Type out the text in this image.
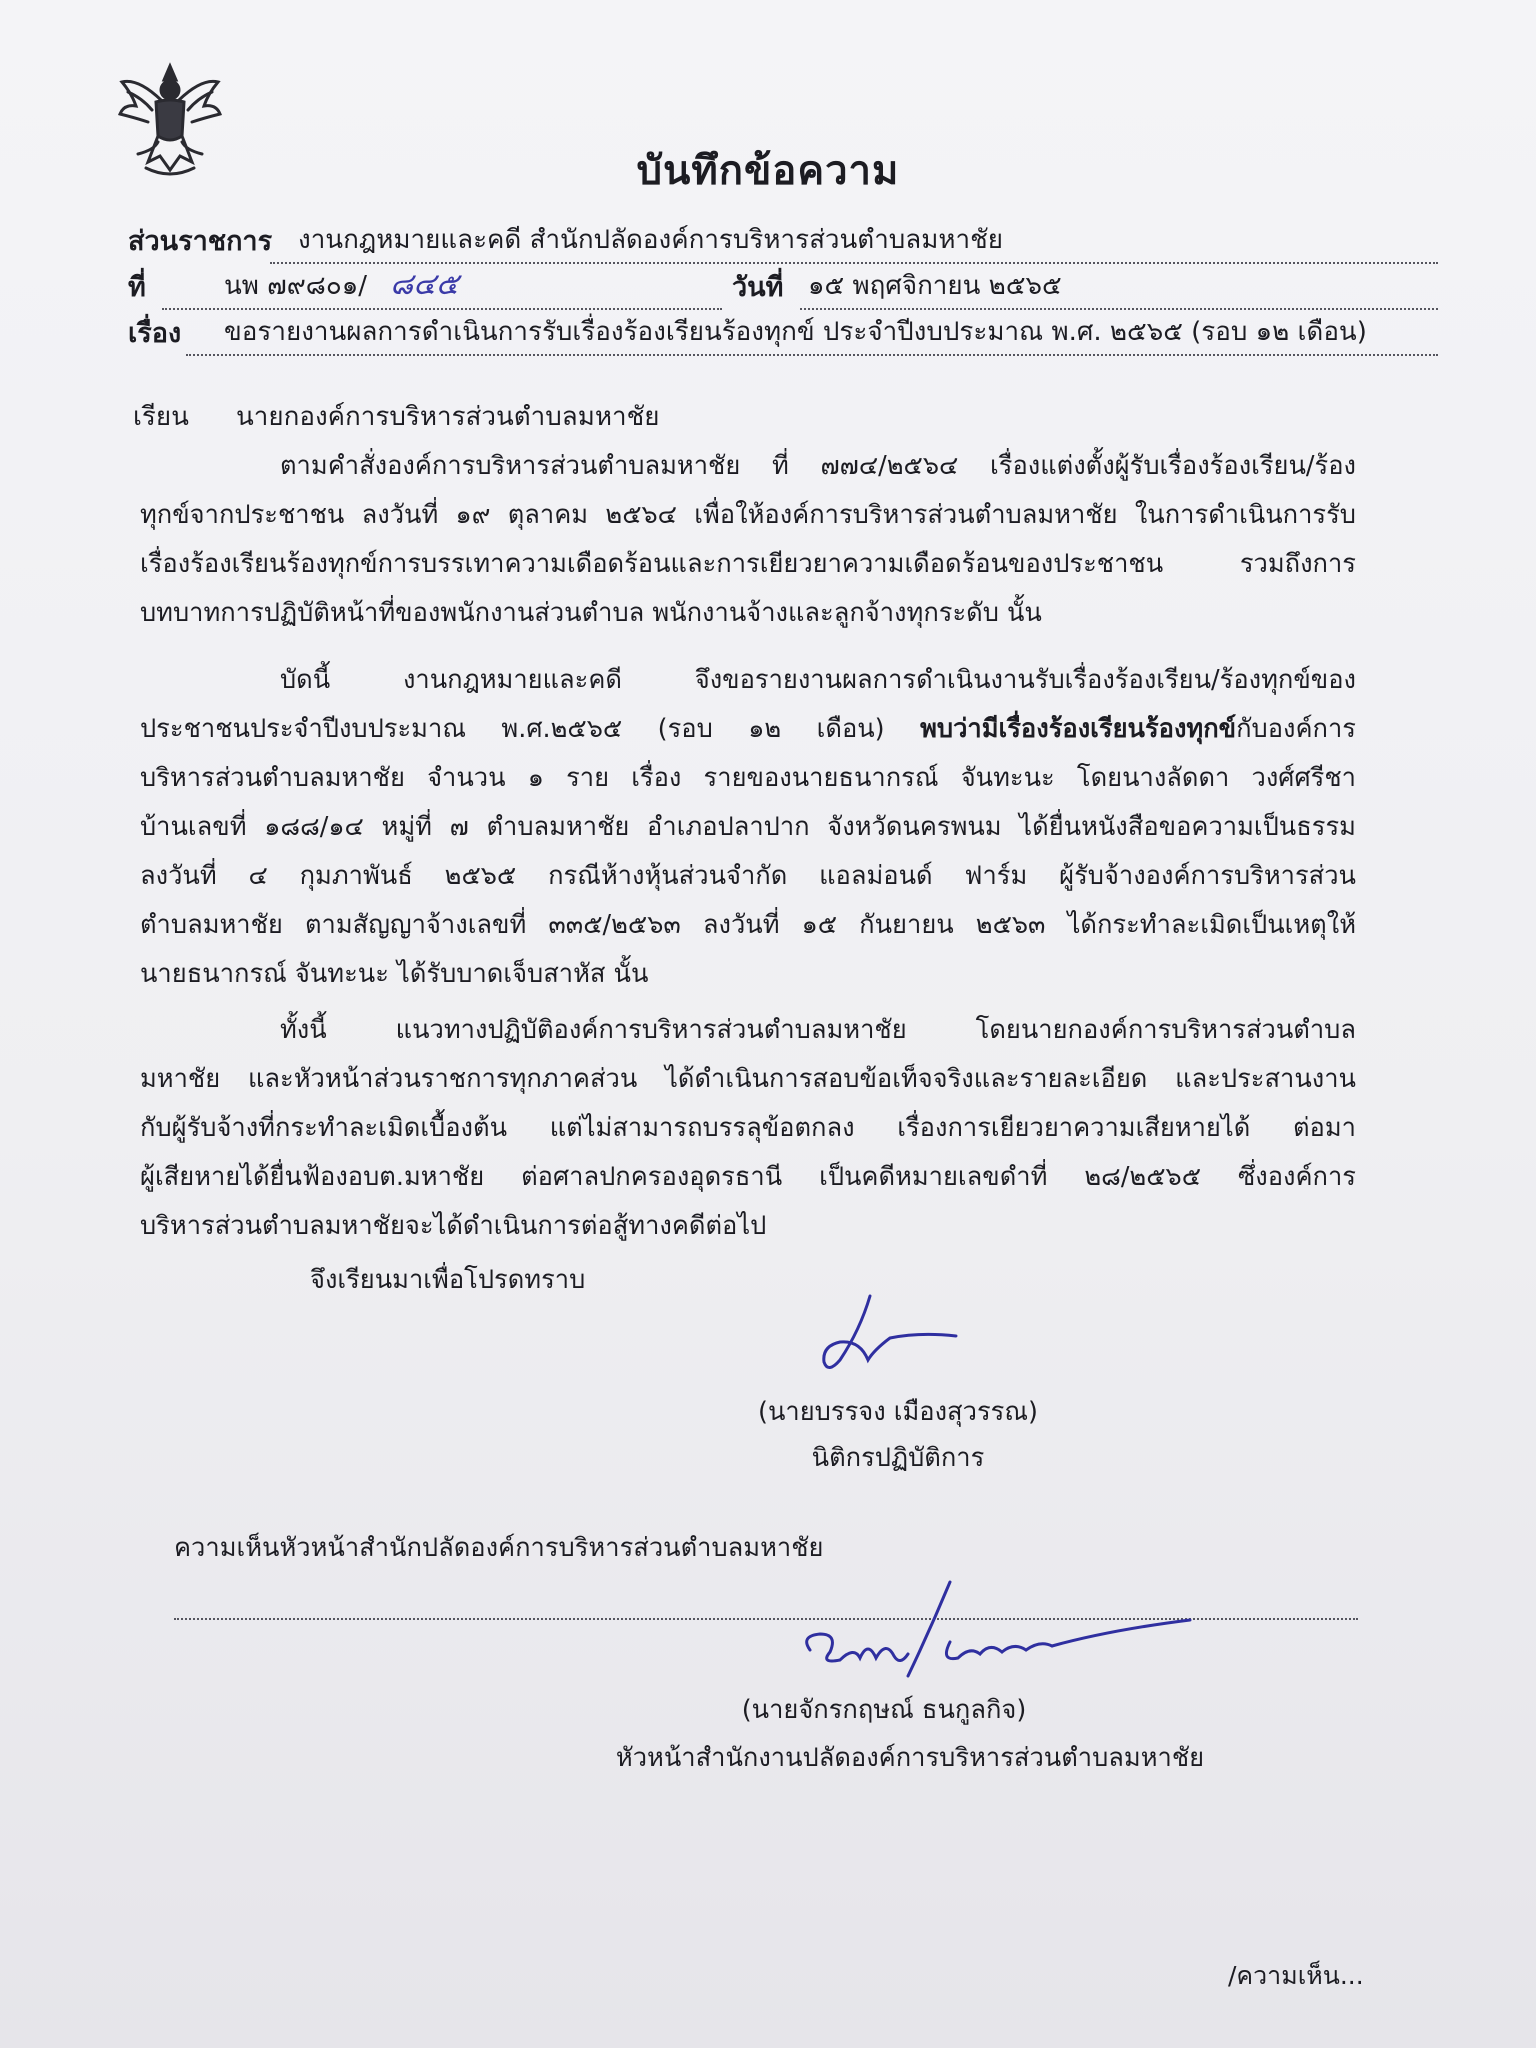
บันทึกข้อความ
ส่วนราชการ งานกฎหมายและคดี สำนักปลัดองค์การบริหารส่วนตำบลมหาชัย
ที่	นพ ๗๙๘๐๑/ ๘๔๕	วันที่ ๑๕ พฤศจิกายน ๒๕๖๕
เรื่อง ขอรายงานผลการดำเนินการรับเรื่องร้องเรียนร้องทุกข์ ประจำปีงบประมาณ พ.ศ. ๒๕๖๕ (รอบ ๑๒ เดือน)
เรียน นายกองค์การบริหารส่วนตำบลมหาชัย
ตามคำสั่งองค์การบริหารส่วนตำบลมหาชัย ที่ ๗๗๔/๒๕๖๔ เรื่องแต่งตั้งผู้รับเรื่องร้องเรียน/ร้อง
ทุกข์จากประชาชน ลงวันที่ ๑๙ ตุลาคม ๒๕๖๔ เพื่อให้องค์การบริหารส่วนตำบลมหาชัย ในการดำเนินการรับ
เรื่องร้องเรียนร้องทุกข์การบรรเทาความเดือดร้อนและการเยียวยาความเดือดร้อนของประชาชน รวมถึงการ
บทบาทการปฏิบัติหน้าที่ของพนักงานส่วนตำบล พนักงานจ้างและลูกจ้างทุกระดับ นั้น
บัดนี้ งานกฎหมายและคดี จึงขอรายงานผลการดำเนินงานรับเรื่องร้องเรียน/ร้องทุกข์ของ
ประชาชนประจำปีงบประมาณ พ.ศ.๒๕๖๕ (รอบ ๑๒ เดือน) พบว่ามีเรื่องร้องเรียนร้องทุกข์กับองค์การ
บริหารส่วนตำบลมหาชัย จำนวน ๑ ราย เรื่อง รายของนายธนากรณ์ จันทะนะ โดยนางลัดดา วงศ์ศรีชา
บ้านเลขที่ ๑๘๘/๑๔ หมู่ที่ ๗ ตำบลมหาชัย อำเภอปลาปาก จังหวัดนครพนม ได้ยื่นหนังสือขอความเป็นธรรม
ลงวันที่ ๔ กุมภาพันธ์ ๒๕๖๕ กรณีห้างหุ้นส่วนจำกัด แอลม่อนด์ ฟาร์ม ผู้รับจ้างองค์การบริหารส่วน
ตำบลมหาชัย ตามสัญญาจ้างเลขที่ ๓๓๕/๒๕๖๓ ลงวันที่ ๑๕ กันยายน ๒๕๖๓ ได้กระทำละเมิดเป็นเหตุให้
นายธนากรณ์ จันทะนะ ได้รับบาดเจ็บสาหัส นั้น
ทั้งนี้ แนวทางปฏิบัติองค์การบริหารส่วนตำบลมหาชัย โดยนายกองค์การบริหารส่วนตำบล
มหาชัย และหัวหน้าส่วนราชการทุกภาคส่วน ได้ดำเนินการสอบข้อเท็จจริงและรายละเอียด และประสานงาน
กับผู้รับจ้างที่กระทำละเมิดเบื้องต้น แต่ไม่สามารถบรรลุข้อตกลง เรื่องการเยียวยาความเสียหายได้ ต่อมา
ผู้เสียหายได้ยื่นฟ้องอบต.มหาชัย ต่อศาลปกครองอุดรธานี เป็นคดีหมายเลขดำที่ ๒๘/๒๕๖๕ ซึ่งองค์การ
บริหารส่วนตำบลมหาชัยจะได้ดำเนินการต่อสู้ทางคดีต่อไป
จึงเรียนมาเพื่อโปรดทราบ
(นายบรรจง เมืองสุวรรณ)
นิติกรปฏิบัติการ
ความเห็นหัวหน้าสำนักปลัดองค์การบริหารส่วนตำบลมหาชัย
(นายจักรกฤษณ์ ธนกูลกิจ)
หัวหน้าสำนักงานปลัดองค์การบริหารส่วนตำบลมหาชัย
/ความเห็น...
